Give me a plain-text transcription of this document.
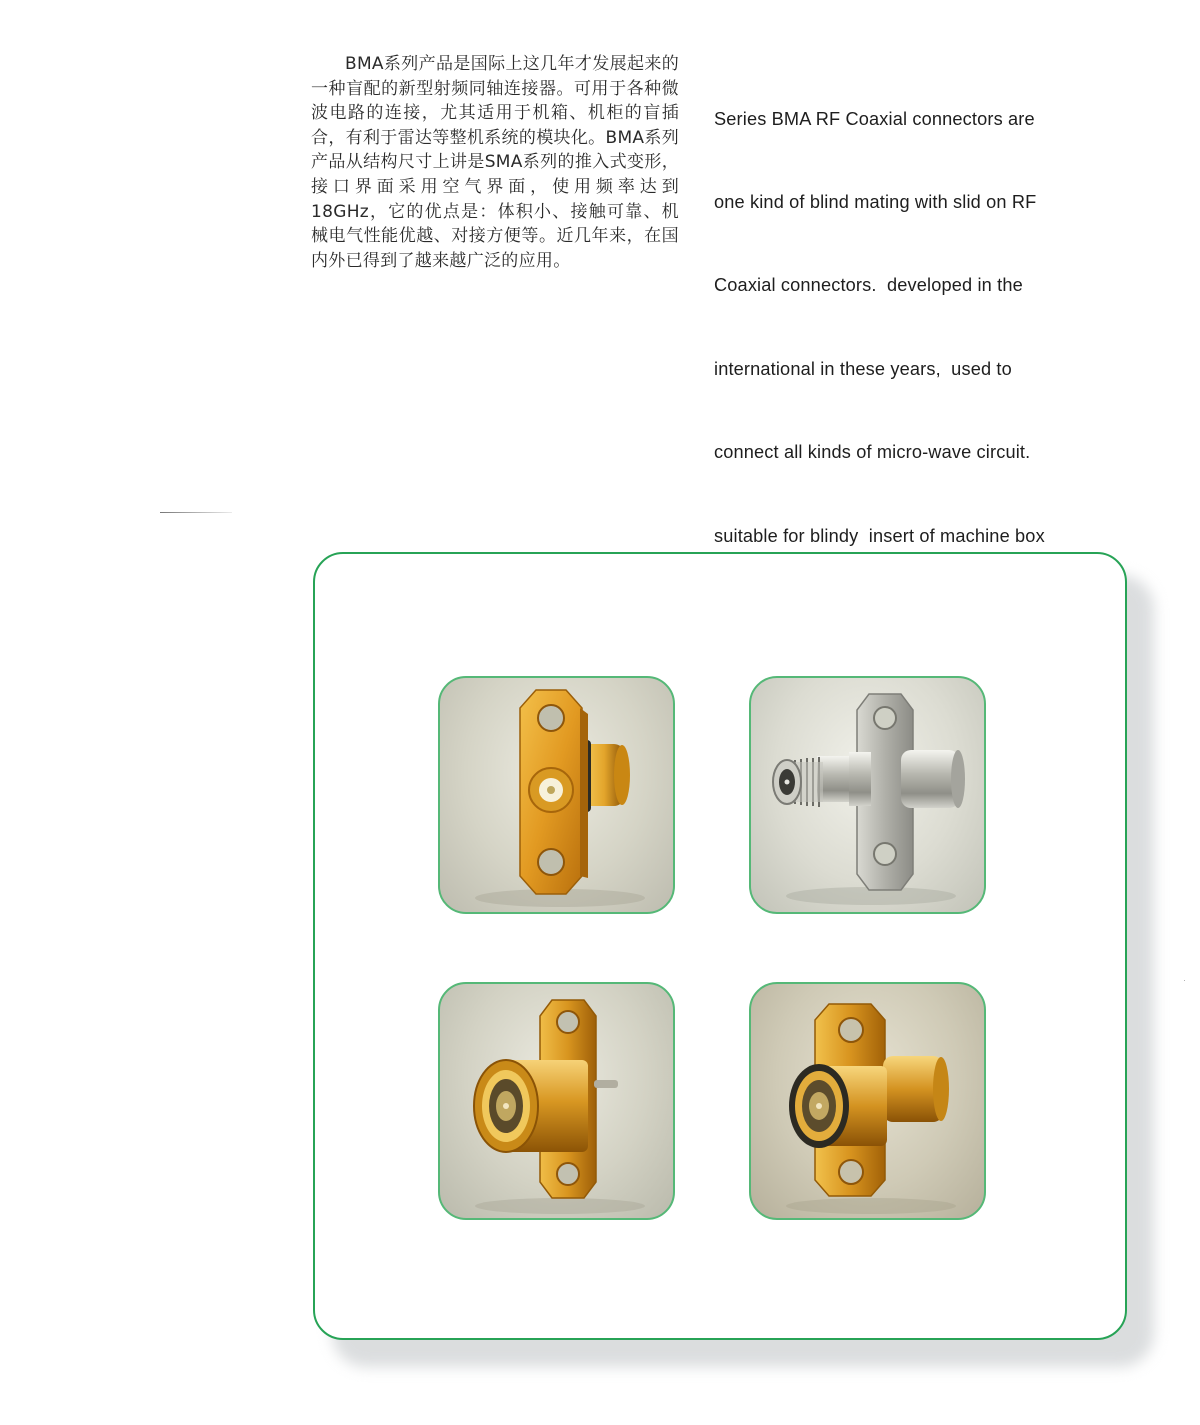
BMA系列产品是国际上这几年才发展起来的一种盲配的新型射频同轴连接器。可用于各种微波电路的连接，尤其适用于机箱、机柜的盲插合，有利于雷达等整机系统的模块化。BMA系列产品从结构尺寸上讲是SMA系列的推入式变形，接口界面采用空气界面，使用频率达到18GHz，它的优点是：体积小、接触可靠、机械电气性能优越、对接方便等。近几年来，在国内外已得到了越来越广泛的应用。

Series BMA RF Coaxial connectors are

one kind of blind mating with slid on RF

Coaxial connectors.  developed in the

international in these years,  used to

connect all kinds of micro-wave circuit.

suitable for blindy  insert of machine box
